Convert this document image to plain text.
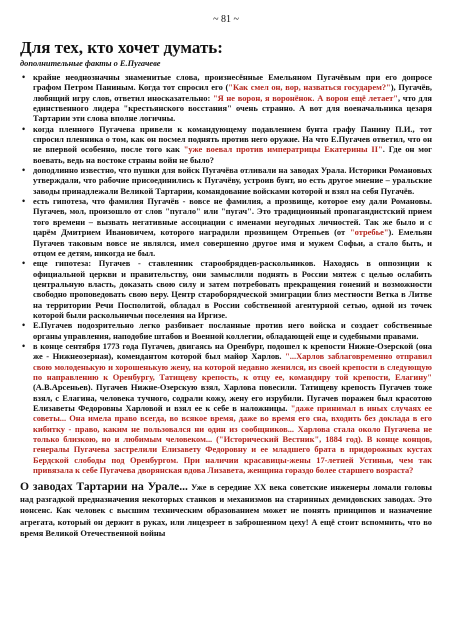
~ 81 ~
Для тех, кто хочет думать:
дополнительные факты о Е.Пугачеве
• крайне неоднозначны знаменитые слова, произнесённые Емельяном Пугачёвым при его допросе графом Петром Паниным. Когда тот спросил его ("Как смел он, вор, назваться государем?"), Пугачёв, любящий игру слов, ответил иносказательно: "Я не ворон, я воронёнок. А ворон ещё летает", что для единственного лидера "крестьянского восстания" очень странно. А вот для военачальника цезаря Тартарии эти слова вполне логичны.
• когда пленного Пугачева привели к командующему подавлением бунта графу Панину П.И., тот спросил пленника о том, как он посмел поднять против него оружие. На что Е.Пугачев ответил, что он не впервой особенно, после того как "уже воевал против императрицы Екатерины II". Где он мог воевать, ведь на востоке страны войн не было?
• доподлинно известно, что пушки для войск Пугачёва отливали на заводах Урала. Историки Романовых утверждали, что рабочие присоединились к Пугачёву, устроив бунт, но есть другое мнение – уральские заводы принадлежали Великой Тартарии, командование войсками которой и взял на себя Пугачёв.
• есть гипотеза, что фамилия Пугачёв - вовсе не фамилия, а прозвище, которое ему дали Романовы. Пугачев, мол, произошло от слов "пугало" или "пугач". Это традиционный пропагандистский прием того времени – вызвать негативные ассоциации с именами неугодных личностей. Так же было и с царём Дмитрием Ивановичем, которого наградили прозвищем Отрепьев (от "отребье"). Емельян Пугачев таковым вовсе не являлся, имел совершенно другое имя и мужем Софьи, а стало быть, и отцом ее детям, никогда не был.
• еще гипотеза: Пугачев - ставленник старообрядцев-раскольников. Находясь в оппозиции к официальной церкви и правительству, они замыслили поднять в России мятеж с целью ослабить центральную власть, доказать свою силу и затем потребовать прекращения гонений и возможности свободно проповедовать свою веру. Центр староборядческой эмиграции близ местности Ветка в Литве на территории Речи Посполитой, обладал в России собственной агентурной сетью, одной из точек которой были раскольничьи поселения на Иргизе.
• Е.Пугачев подозрительно легко разбивает посланные против него войска и создает собственные органы управления, наподобие штабов и Военной коллегии, обладающей еще и судебными правами.
• в конце сентября 1773 года Пугачев, двигаясь на Оренбург, подошел к крепости Нижне-Озерской (она же - Нижнеозерная), комендантом которой был майор Харлов. "...Харлов заблаговременно отправил свою молоденькую и хорошенькую жену, на которой недавно женился, из своей крепости в следующую по направлению к Оренбургу, Татищеву крепость, к отцу ее, командиру той крепости, Елагину" (А.В.Арсеньев). Пугачев Нижне-Озерскую взял, Харлова повесили. Татищеву крепость Пугачев тоже взял, с Елагина, человека тучного, содрали кожу, жену его изрубили. Пугачев поражен был красотою Елизаветы Федоровны Харловой и взял ее к себе в наложницы. "даже принимал в иных случаях ее советы... Она имела право всегда, во всякое время, даже во время его сна, входить без доклада в его кибитку - право, каким не пользовался ни один из сообщников... Харлова стала около Пугачева не только близкою, но и любимым человеком... ("Исторический Вестник", 1884 год). В конце концов, генералы Пугачева застрелили Елизавету Федоровну и ее младшего брата в придорожных кустах Бердской слободы под Оренбургом. При наличии красавицы-жены 17-летней Устиньи, чем так привязала к себе Пугачева дворянская вдова Лизавета, женщина гораздо более старшего возраста?
О заводах Тартарии на Урале... Уже в середине XX века советские инженеры ломали головы над разгадкой предназначения некоторых станков и механизмов на старинных демидовских заводах. Это нонсенс. Как человек с высшим техническим образованием может не понять принципов и назначение агрегата, который он держит в руках, или лицезреет в заброшенном цеху! А ещё стоит вспомнить, что во время Великой Отечественной войны
